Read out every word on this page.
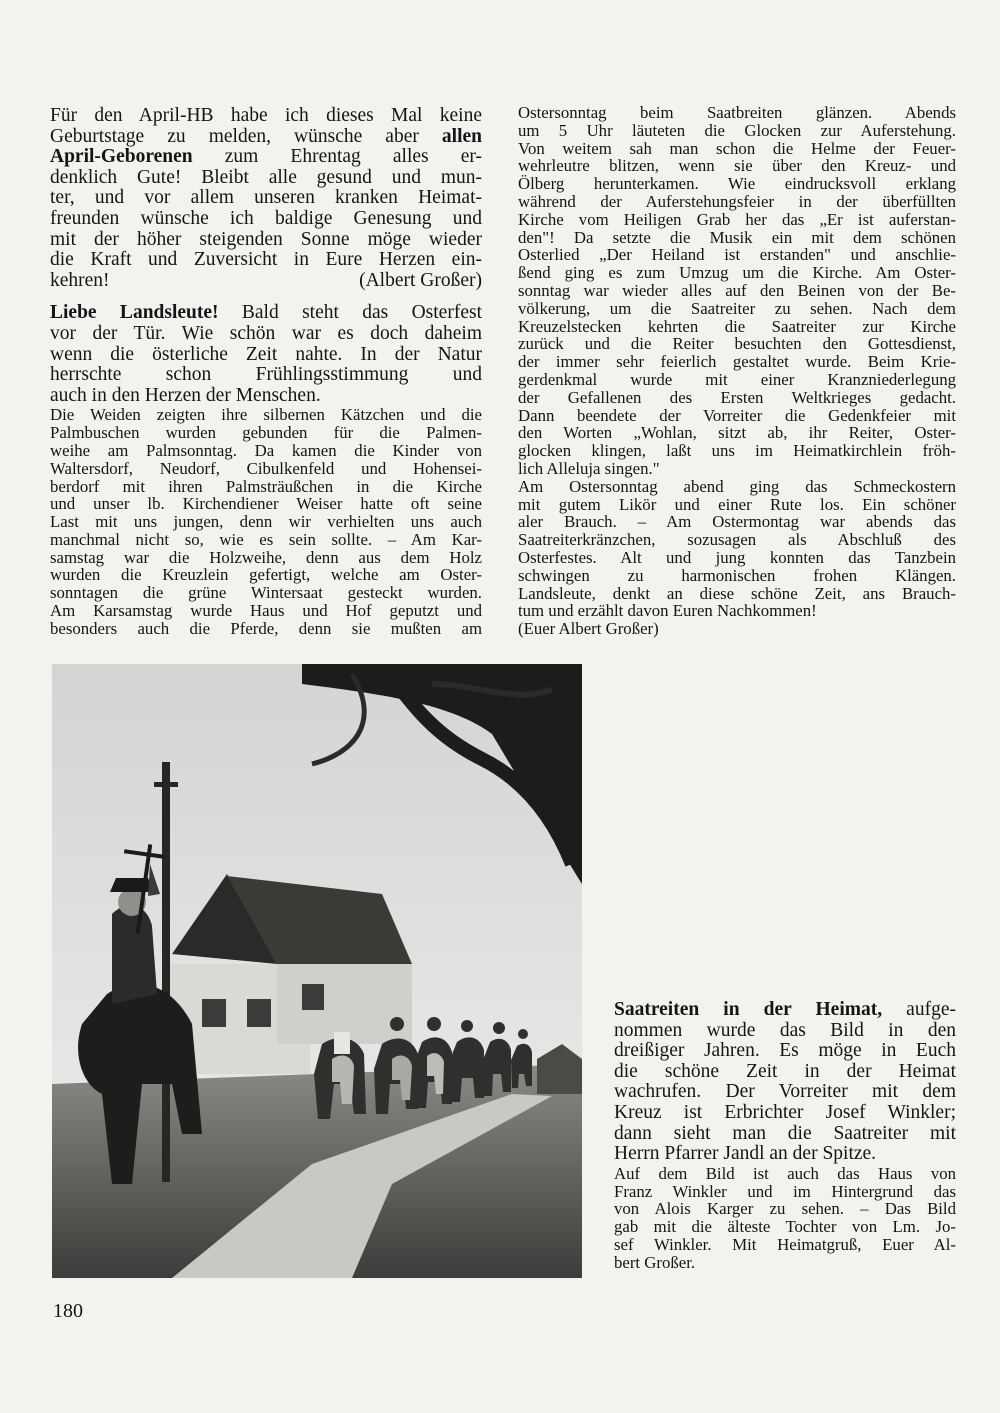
Für den April-HB habe ich dieses Mal keine
Geburtstage zu melden, wünsche aber allen
April-Geborenen zum Ehrentag alles er-
denklich Gute! Bleibt alle gesund und mun-
ter, und vor allem unseren kranken Heimat-
freunden wünsche ich baldige Genesung und
mit der höher steigenden Sonne möge wieder
die Kraft und Zuversicht in Eure Herzen ein-
kehren!	(Albert Großer)

Liebe Landsleute! Bald steht das Osterfest
vor der Tür. Wie schön war es doch daheim
wenn die österliche Zeit nahte. In der Natur
herrschte schon Frühlingsstimmung und
auch in den Herzen der Menschen.

Die Weiden zeigten ihre silbernen Kätzchen und die
Palmbuschen wurden gebunden für die Palmen-
weihe am Palmsonntag. Da kamen die Kinder von
Waltersdorf, Neudorf, Cibulkenfeld und Hohensei-
berdorf mit ihren Palmsträußchen in die Kirche
und unser lb. Kirchendiener Weiser hatte oft seine
Last mit uns jungen, denn wir verhielten uns auch
manchmal nicht so, wie es sein sollte. – Am Kar-
samstag war die Holzweihe, denn aus dem Holz
wurden die Kreuzlein gefertigt, welche am Oster-
sonntagen die grüne Wintersaat gesteckt wurden.
Am Karsamstag wurde Haus und Hof geputzt und
besonders auch die Pferde, denn sie mußten am

Ostersonntag beim Saatbreiten glänzen. Abends
um 5 Uhr läuteten die Glocken zur Auferstehung.
Von weitem sah man schon die Helme der Feuer-
wehrleutre blitzen, wenn sie über den Kreuz- und
Ölberg herunterkamen. Wie eindrucksvoll erklang
während der Auferstehungsfeier in der überfüllten
Kirche vom Heiligen Grab her das „Er ist auferstan-
den"! Da setzte die Musik ein mit dem schönen
Osterlied „Der Heiland ist erstanden" und anschlie-
ßend ging es zum Umzug um die Kirche. Am Oster-
sonntag war wieder alles auf den Beinen von der Be-
völkerung, um die Saatreiter zu sehen. Nach dem
Kreuzelstecken kehrten die Saatreiter zur Kirche
zurück und die Reiter besuchten den Gottesdienst,
der immer sehr feierlich gestaltet wurde. Beim Krie-
gerdenkmal wurde mit einer Kranzniederlegung
der Gefallenen des Ersten Weltkrieges gedacht.
Dann beendete der Vorreiter die Gedenkfeier mit
den Worten „Wohlan, sitzt ab, ihr Reiter, Oster-
glocken klingen, laßt uns im Heimatkirchlein fröh-
lich Alleluja singen."

Am Ostersonntag abend ging das Schmeckostern
mit gutem Likör und einer Rute los. Ein schöner
aler Brauch. – Am Ostermontag war abends das
Saatreiterkränzchen, sozusagen als Abschluß des
Osterfestes. Alt und jung konnten das Tanzbein
schwingen zu harmonischen frohen Klängen.
Landsleute, denkt an diese schöne Zeit, ans Brauch-
tum und erzählt davon Euren Nachkommen!
(Euer Albert Großer)

Saatreiten in der Heimat, aufge-
nommen wurde das Bild in den
dreißiger Jahren. Es möge in Euch
die schöne Zeit in der Heimat
wachrufen. Der Vorreiter mit dem
Kreuz ist Erbrichter Josef Winkler;
dann sieht man die Saatreiter mit
Herrn Pfarrer Jandl an der Spitze.

Auf dem Bild ist auch das Haus von
Franz Winkler und im Hintergrund das
von Alois Karger zu sehen. – Das Bild
gab mit die älteste Tochter von Lm. Jo-
sef Winkler. Mit Heimatgruß, Euer Al-
bert Großer.

180
